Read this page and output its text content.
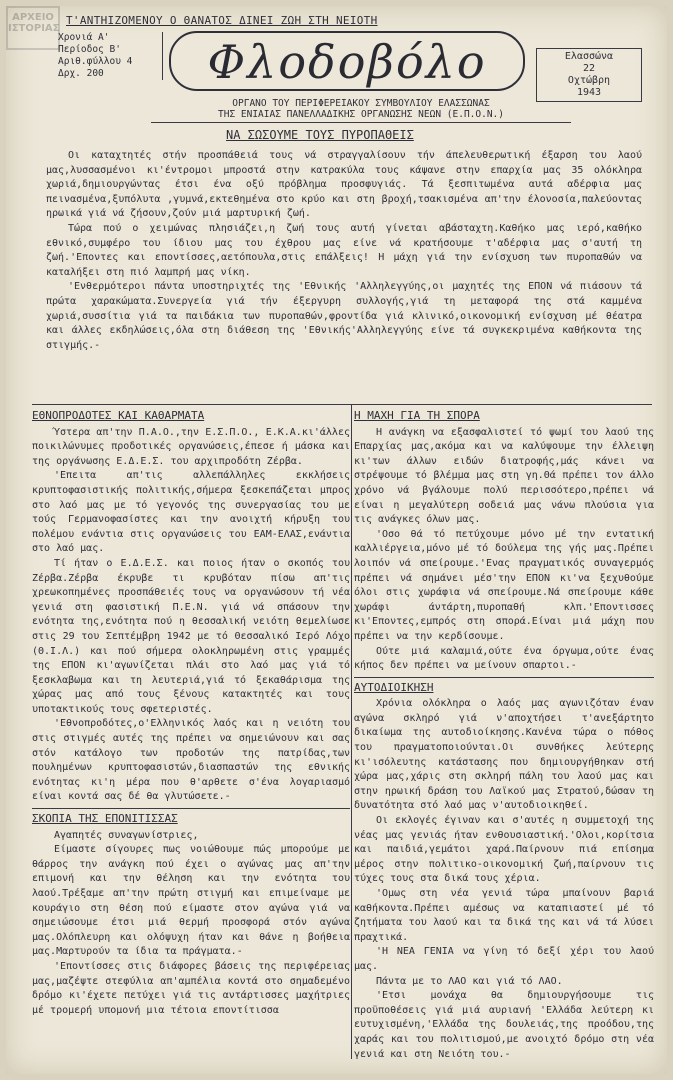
ΑΡΧΕΙΟ
ΙΣΤΟΡΙΑΣ
Τ'ΑΝΤΗΙΖΟΜΕΝΟΥ Ο ΘΑΝΑΤΟΣ ΔΙΝΕΙ ΖΩΗ ΣΤΗ ΝΕΙΟΤΗ
Χρονιά Α'
Περίοδος Β'
Αριθ.φύλλου 4
Δρχ. 200	Φλοδοβόλο	Ελασσώνα
22
Οχτώβρη
1943
ΟΡΓΑΝΟ ΤΟΥ ΠΕΡΙΦΕΡΕΙΑΚΟΥ ΣΥΜΒΟΥΛΙΟΥ ΕΛΑΣΣΩΝΑΣ
ΤΗΣ ΕΝΙΑΙΑΣ ΠΑΝΕΛΛΑΔΙΚΗΣ ΟΡΓΑΝΩΣΗΣ ΝΕΩΝ (Ε.Π.Ο.Ν.)
ΝΑ ΣΩΣΟΥΜΕ ΤΟΥΣ ΠΥΡΟΠΑΘΕΙΣ

Οι καταχτητές στήν προσπάθειά τους νά στραγγαλίσουν τήν άπελευθερωτική έξαρση του λαού μας,λυσσασμένοι κι'έντρομοι μπροστά στην κατρακύλα τους κάψανε στην επαρχία μας 35 ολόκληρα χωριά,δημιουργώντας έτσι ένα οξύ πρόβλημα προσφυγιάς. Τά ξεσπιτωμένα αυτά αδέρφια μας πεινασμένα,ξυπόλυτα ,γυμνά,εκτεθημένα στο κρύο και στη βροχή,τσακισμένα απ'την έλονοσία,παλεύοντας ηρωικά γιά νά ζήσουν,ζούν μιά μαρτυρική ζωή.

Τώρα πού ο χειμώνας πλησιάζει,η ζωή τους αυτή γίνεται αβάσταχτη.Καθήκο μας ιερό,καθήκο εθνικό,συμφέρο του ίδιου μας του έχθρου μας είνε νά κρατήσουμε τ'αδέρφια μας σ'αυτή τη ζωή.'Εποντες και εποντίσσες,αετόπουλα,στις επάλξεις! Η μάχη γιά την ενίσχυση των πυροπαθών να καταλήξει στη πιό λαμπρή μας νίκη.

'Ενθερμότεροι πάντα υποστηριχτές της 'Εθνικής 'Αλληλεγγύης,οι μαχητές της ΕΠΟΝ νά πιάσουν τά πρώτα χαρακώματα.Συνεργεία γιά τήν έξεργυρη συλλογής,γιά τη μεταφορά της στά καμμένα χωριά,συσσίτια γιά τα παιδάκια των πυροπαθών,φροντίδα γιά κλινικό,οικονομική ενίσχυση μέ θέατρα και άλλες εκδηλώσεις,όλα στη διάθεση της 'Εθνικής'Αλληλεγγύης είνε τά συγκεκριμένα καθήκοντα της στιγμής.-

ΕΘΝΟΠΡΟΔΟΤΕΣ ΚΑΙ ΚΑΘΑΡΜΑΤΑ

Ύστερα απ'την Π.Α.Ο.,την Ε.Σ.Π.Ο., Ε.Κ.Α.κι'άλλες ποικιλώνυμες προδοτικές οργανώσεις,έπεσε ή μάσκα και της οργάνωσης Ε.Δ.Ε.Σ. του αρχιπροδότη Ζέρβα.

'Επειτα απ'τις αλλεπάλληλες εκκλήσεις κρυπτοφασιστικής πολιτικής,σήμερα ξεσκεπάζεται μπρος στο λαό μας με τό γεγονός της συνεργασίας του με τούς Γερμανοφασίστες και την ανοιχτή κήρυξη του πολέμου ενάντια στις οργανώσεις του ΕΑΜ-ΕΛΑΣ,ενάντια στο λαό μας.

Τί ήταν ο Ε.Δ.Ε.Σ. και ποιος ήταν ο σκοπός του Ζέρβα.Ζέρβα έκρυβε τι κρυβόταν πίσω απ'τις χρεωκοπημένες προσπάθειές τους να οργανώσουν τή νέα γενιά στη φασιστική Π.Ε.Ν. γιά νά σπάσουν την ενότητα της,ενότητα πού η θεσσαλική νειότη θεμελίωσε στις 29 του Σεπτέμβρη 1942 με τό Θεσσαλικό Ιερό Λόχο (Θ.Ι.Λ.) και πού σήμερα ολοκληρωμένη στις γραμμές της ΕΠΟΝ κι'αγωνίζεται πλάι στο λαό μας γιά τό ξεσκλαβωμα και τη λευτεριά,γιά τό ξεκαθάρισμα της χώρας μας από τους ξένους κατακτητές και τους υποτακτικούς τους σφετεριστές.

'Εθνοπροδότες,ο'Ελληνικός λαός και η νειότη του στις στιγμές αυτές της πρέπει να σημειώνουν και σας στόν κατάλογο των προδοτών της πατρίδας,των πουλημένων κρυπτοφασιστών,διασπαστών της εθνικής ενότητας κι'η μέρα που θ'αρθετε σ'ένα λογαριασμό είναι κοντά σας δέ θα γλυτώσετε.-

ΣΚΟΠΙΑ ΤΗΣ ΕΠΟΝΙΤΙΣΣΑΣ

Αγαπητές συναγωνίστριες,

Είμαστε σίγουρες πως νοιώθουμε πώς μπορούμε με θάρρος την ανάγκη πού έχει ο αγώνας μας απ'την επιμονή και την θέληση και την ενότητα του λαού.Τρέξαμε απ'την πρώτη στιγμή και επιμείναμε με κουράγιο στη θέση πού είμαστε στον αγώνα γιά να σημειώσουμε έτσι μιά θερμή προσφορά στόν αγώνα μας.Ολόπλευρη και ολόψυχη ήταν και θάνε η βοήθεια μας.Μαρτυρούν τα ίδια τα πράγματα.-

'Εποντίσσες στις διάφορες βάσεις της περιφέρειας μας,μαζέψτε στεφύλια απ'αμπέλια κοντά στο σημαδεμένο δρόμο κι'έχετε πετύχει γιά τις αντάρτισσες μαχήτριες μέ τρομερή υπομονή μια τέτοια εποντίτισσα

Η ΜΑΧΗ ΓΙΑ ΤΗ ΣΠΟΡΑ

Η ανάγκη να εξασφαλιστεί τό ψωμί του λαού της Επαρχίας μας,ακόμα και να καλύψουμε την έλλειψη κι'των άλλων ειδών διατροφής,μάς κάνει να στρέψουμε τό βλέμμα μας στη γη.Θά πρέπει τον άλλο χρόνο νά βγάλουμε πολύ περισσότερο,πρέπει νά είναι η μεγαλύτερη σοδειά μας νάνω πλούσια για τις ανάγκες όλων μας.

'Οσο θά τό πετύχουμε μόνο μέ την εντατική καλλιέργεια,μόνο μέ τό δούλεμα της γής μας.Πρέπει λοιπόν νά σπείρουμε.'Ενας πραγματικός συναγερμός πρέπει νά σημάνει μέσ'την ΕΠΟΝ κι'να ξεχυθούμε όλοι στις χωράφια νά σπείρουμε.Νά σπείρουμε κάθε χωράφι άντάρτη,πυροπαθή κλπ.'Εποντισσες κι'Εποντες,εμπρός στη σπορά.Είναι μιά μάχη που πρέπει να την κερδίσουμε.

Ούτε μιά καλαμιά,ούτε ένα όργωμα,ούτε ένας κήπος δεν πρέπει να μείνουν σπαρτοι.-

ΑΥΤΟΔΙΟΙΚΗΣΗ

Χρόνια ολόκληρα ο λαός μας αγωνιζόταν έναν αγώνα σκληρό γιά ν'αποχτήσει τ'ανεξάρτητο δικαίωμα της αυτοδιοίκησης.Κανένα τώρα ο πόθος του πραγματοποιούνται.Οι συνθήκες λεύτερης κι'ισόλευτης κατάστασης που δημιουργήθηκαν στή χώρα μας,χάρις στη σκληρή πάλη του λαού μας και στην ηρωική δράση του Λαϊκού μας Στρατού,δώσαν τη δυνατότητα στό λαό μας ν'αυτοδιοικηθεί.

Οι εκλογές έγιναν και σ'αυτές η συμμετοχή της νέας μας γενιάς ήταν ενθουσιαστική.'Ολοι,κορίτσια και παιδιά,γεμάτοι χαρά.Παίρνουν πιά επίσημα μέρος στην πολιτικο-οικονομική ζωή,παίρνουν τις τύχες τους στα δικά τους χέρια.

'Ομως στη νέα γενιά τώρα μπαίνουν βαριά καθήκοντα.Πρέπει αμέσως να καταπιαστεί μέ τό ζητήματα του λαού και τα δικά της και νά τά λύσει πραχτικά.

'Η ΝΕΑ ΓΕΝΙΑ να γίνη τό δεξί χέρι του λαού μας.

Πάντα με το ΛΑΟ και γιά τό ΛΑΟ.

'Ετσι μονάχα θα δημιουργήσουμε τις προϋποθέσεις γιά μιά αυριανή 'Ελλάδα λεύτερη κι ευτυχισμένη,'Ελλάδα της δουλειάς,της προόδου,της χαράς και του πολιτισμού,με ανοιχτό δρόμο στη νέα γενιά και στη Νειότη του.-
